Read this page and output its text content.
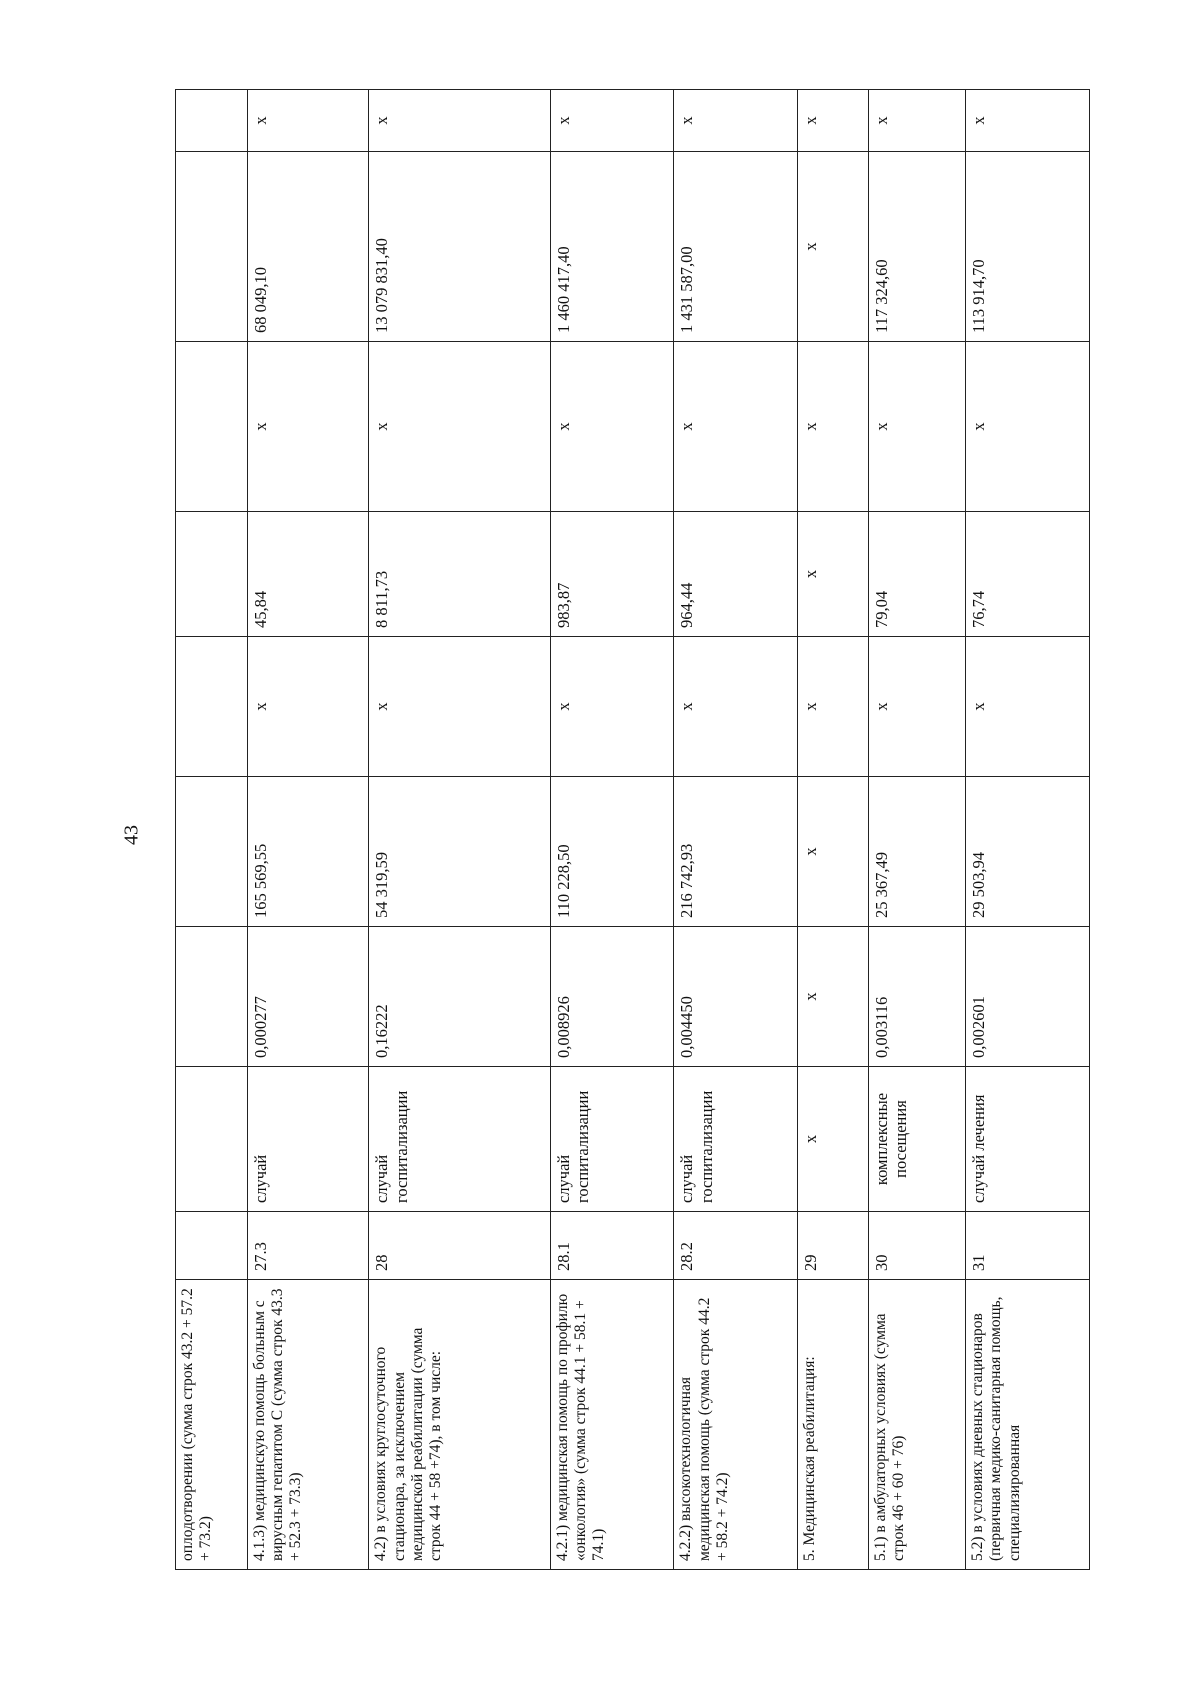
43
оплодотворении (сумма строк 43.2 + 57.2 + 73.2)									
4.1.3) медицинскую помощь больным с вирусным гепатитом С (сумма строк 43.3 + 52.3 + 73.3)	27.3	случай	0,000277	165 569,55	х	45,84	х	68 049,10	х
4.2) в условиях круглосуточного стационара, за исключением медицинской реабилитации (сумма строк 44 + 58 +74), в том числе:	28	случай госпитализации	0,16222	54 319,59	х	8 811,73	х	13 079 831,40	х
4.2.1) медицинская помощь по профилю «онкология» (сумма строк 44.1 + 58.1 + 74.1)	28.1	случай госпитализации	0,008926	110 228,50	х	983,87	х	1 460 417,40	х
4.2.2) высокотехнологичная медицинская помощь (сумма строк 44.2 + 58.2 + 74.2)	28.2	случай госпитализации	0,004450	216 742,93	х	964,44	х	1 431 587,00	х
5. Медицинская реабилитация:	29	х	х	х	х	х	х	х	х
5.1) в амбулаторных условиях (сумма строк 46 + 60 + 76)	30	комплексные посещения	0,003116	25 367,49	х	79,04	х	117 324,60	х
5.2) в условиях дневных стационаров (первичная медико-санитарная помощь, специализированная	31	случай лечения	0,002601	29 503,94	х	76,74	х	113 914,70	х
